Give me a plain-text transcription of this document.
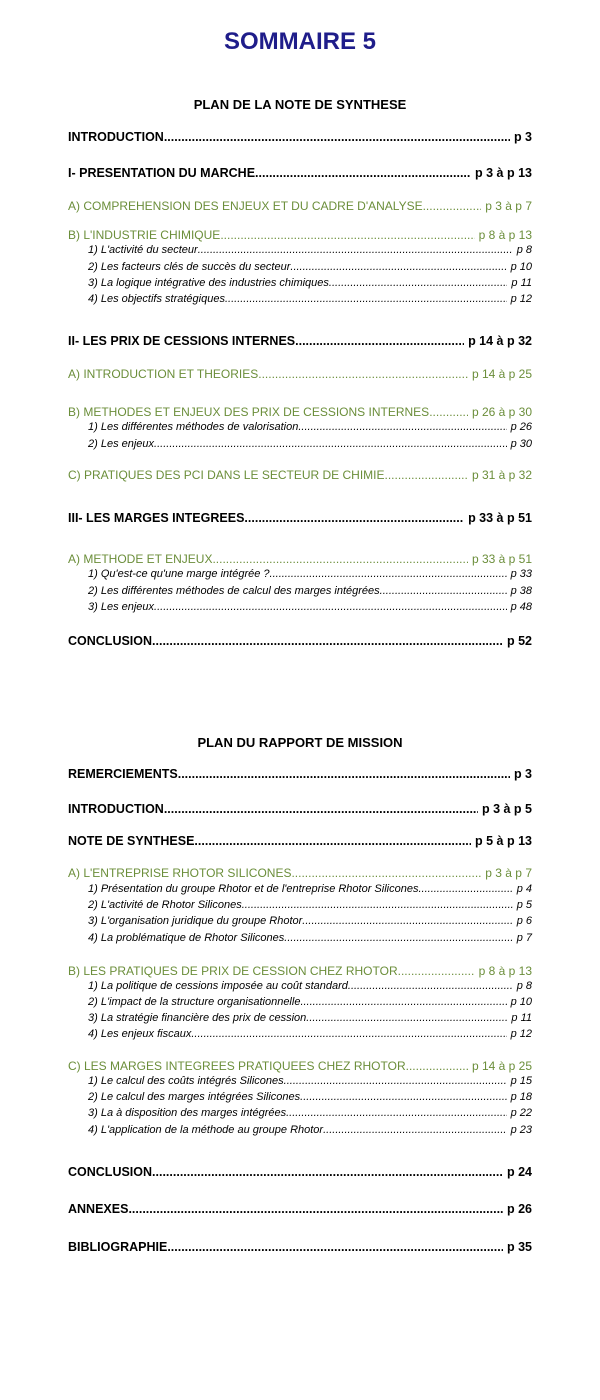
SOMMAIRE 5
PLAN DE LA NOTE DE SYNTHESE
INTRODUCTION .....	p 3
I- PRESENTATION DU MARCHE .....	p 3 à p 13
A) COMPREHENSION DES ENJEUX ET DU CADRE D'ANALYSE .....	p 3 à p 7
B) L'INDUSTRIE CHIMIQUE .....	p 8 à p 13
1) L'activité du secteur .....	p 8
2) Les facteurs clés de succès du secteur .....	p 10
3) La logique intégrative des industries chimiques .....	p 11
4) Les objectifs stratégiques .....	p 12
II- LES PRIX DE CESSIONS INTERNES .....	p 14 à p 32
A) INTRODUCTION ET THEORIES .....	p 14 à p 25
B) METHODES ET ENJEUX DES PRIX DE CESSIONS INTERNES .....	p 26 à p 30
1) Les différentes méthodes de valorisation .....	p 26
2) Les enjeux .....	p 30
C) PRATIQUES DES PCI DANS LE SECTEUR DE CHIMIE .....	p 31 à p 32
III- LES MARGES INTEGREES .....	p 33 à p 51
A) METHODE ET ENJEUX .....	p 33 à p 51
1) Qu'est-ce qu'une marge intégrée ? .....	p 33
2) Les différentes méthodes de calcul des marges intégrées .....	p 38
3) Les enjeux .....	p 48
CONCLUSION .....	p 52
PLAN DU RAPPORT DE MISSION
REMERCIEMENTS .....	p 3
INTRODUCTION .....	p 3 à p 5
NOTE DE SYNTHESE .....	p 5 à p 13
A) L'ENTREPRISE RHOTOR SILICONES .....	p 3 à p 7
1) Présentation du groupe Rhotor et de l'entreprise Rhotor Silicones .....	p 4
2) L'activité de Rhotor Silicones .....	p 5
3) L'organisation juridique du groupe Rhotor .....	p 6
4) La problématique de Rhotor Silicones .....	p 7
B) LES PRATIQUES DE PRIX DE CESSION CHEZ RHOTOR .....	p 8 à p 13
1) La politique de cessions imposée au coût standard .....	p 8
2) L'impact de la structure organisationnelle .....	p 10
3) La stratégie financière des prix de cession .....	p 11
4) Les enjeux fiscaux .....	p 12
C) LES MARGES INTEGREES PRATIQUEES CHEZ RHOTOR .....	p 14 à p 25
1) Le calcul des coûts intégrés Silicones .....	p 15
2) Le calcul des marges intégrées Silicones .....	p 18
3) La à disposition des marges intégrées .....	p 22
4) L'application de la méthode au groupe Rhotor .....	p 23
CONCLUSION .....	p 24
ANNEXES .....	p 26
BIBLIOGRAPHIE .....	p 35
